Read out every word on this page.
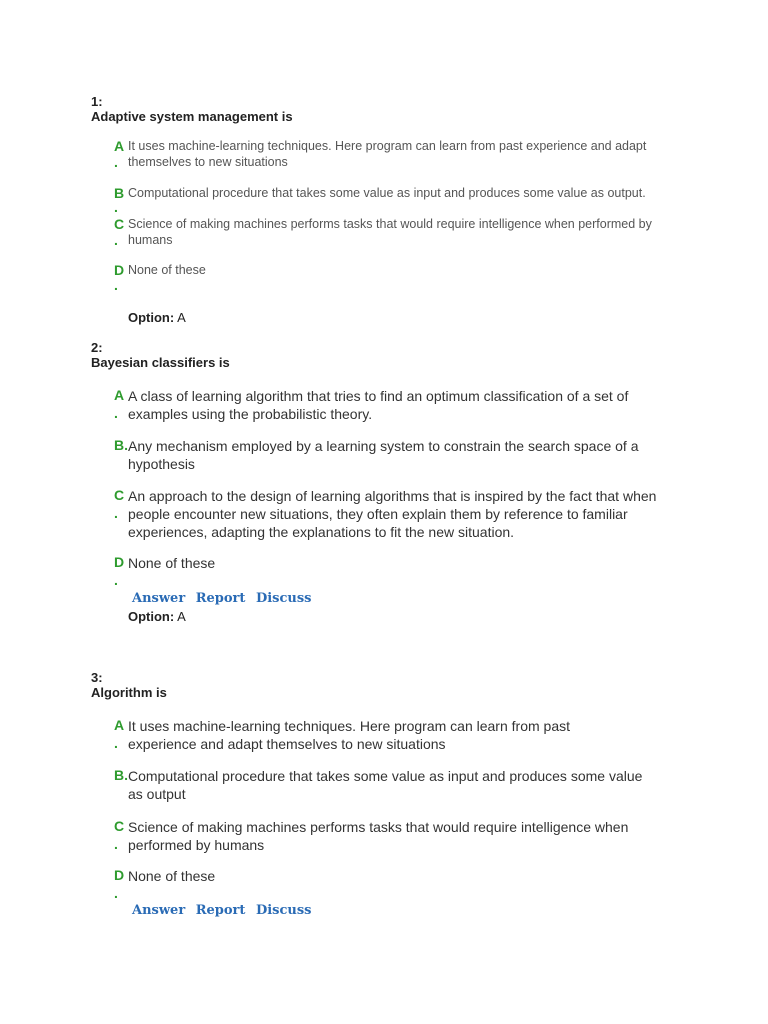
1:
Adaptive system management is
A
.
It uses machine-learning techniques. Here program can learn from past experience and adapt themselves to new situations
B
.
Computational procedure that takes some value as input and produces some value as output.
C
.
Science of making machines performs tasks that would require intelligence when performed by humans
D
.
None of these
Option: A
2:
Bayesian classifiers is
A
.
A class of learning algorithm that tries to find an optimum classification of a set of examples using the probabilistic theory.
B. Any mechanism employed by a learning system to constrain the search space of a hypothesis
C
.
An approach to the design of learning algorithms that is inspired by the fact that when people encounter new situations, they often explain them by reference to familiar experiences, adapting the explanations to fit the new situation.
D
.
None of these
Answer Report Discuss
Option: A
3:
Algorithm is
A
.
It uses machine-learning techniques. Here program can learn from past experience and adapt themselves to new situations
B. Computational procedure that takes some value as input and produces some value as output
C
.
Science of making machines performs tasks that would require intelligence when performed by humans
D
.
None of these
Answer Report Discuss
